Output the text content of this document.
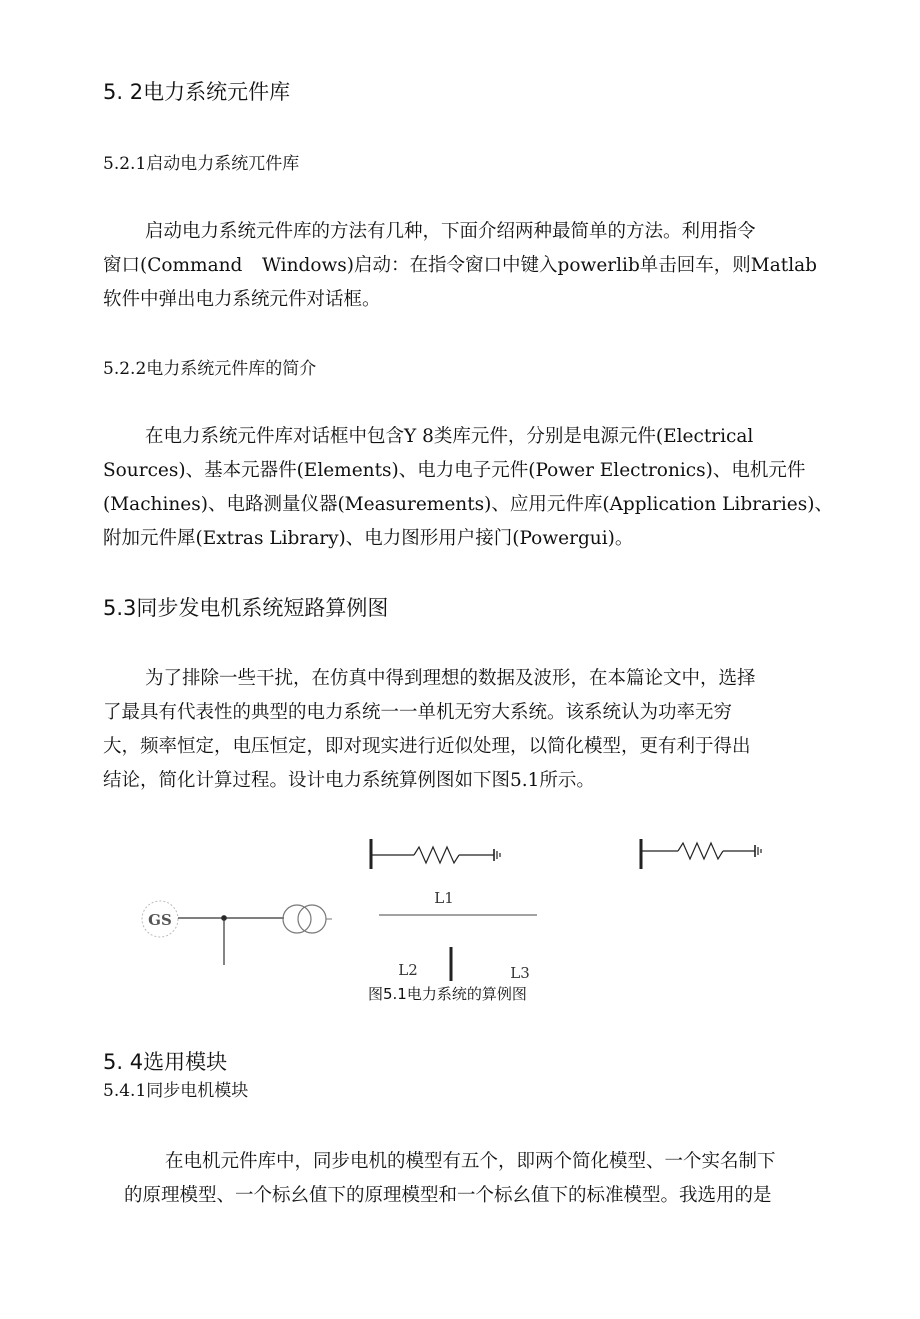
5. 2电力系统元件库
5.2.1启动电力系统兀件库
启动电力系统元件库的方法有几种，下面介绍两种最简单的方法。利用指令
窗口(Command Windows)启动：在指令窗口中键入powerlib单击回车，则Matlab
软件中弹出电力系统元件对话框。
5.2.2电力系统元件库的简介
在电力系统元件库对话框中包含Y 8类库元件，分别是电源元件(Electrical
Sources)、基本元器件(Elements)、电力电子元件(Power Electronics)、电机元件
(Machines)、电路测量仪器(Measurements)、应用元件库(Application Libraries)、
附加元件犀(Extras Library)、电力图形用户接门(Powergui)。
5.3同步发电机系统短路算例图
为了排除一些干扰，在仿真中得到理想的数据及波形，在本篇论文中，选择
了最具有代表性的典型的电力系统一一单机无穷大系统。该系统认为功率无穷
大，频率恒定，电压恒定，即对现实进行近似处理，以简化模型，更有利于得出
结论，简化计算过程。设计电力系统算例图如下图5.1所示。
GS
L1
L2	L3
图5.1电力系统的算例图
5. 4选用模块
5.4.1同步电机模块
在电机元件库中，同步电机的模型有五个，即两个简化模型、一个实名制下
的原理模型、一个标幺值下的原理模型和一个标幺值下的标准模型。我选用的是
